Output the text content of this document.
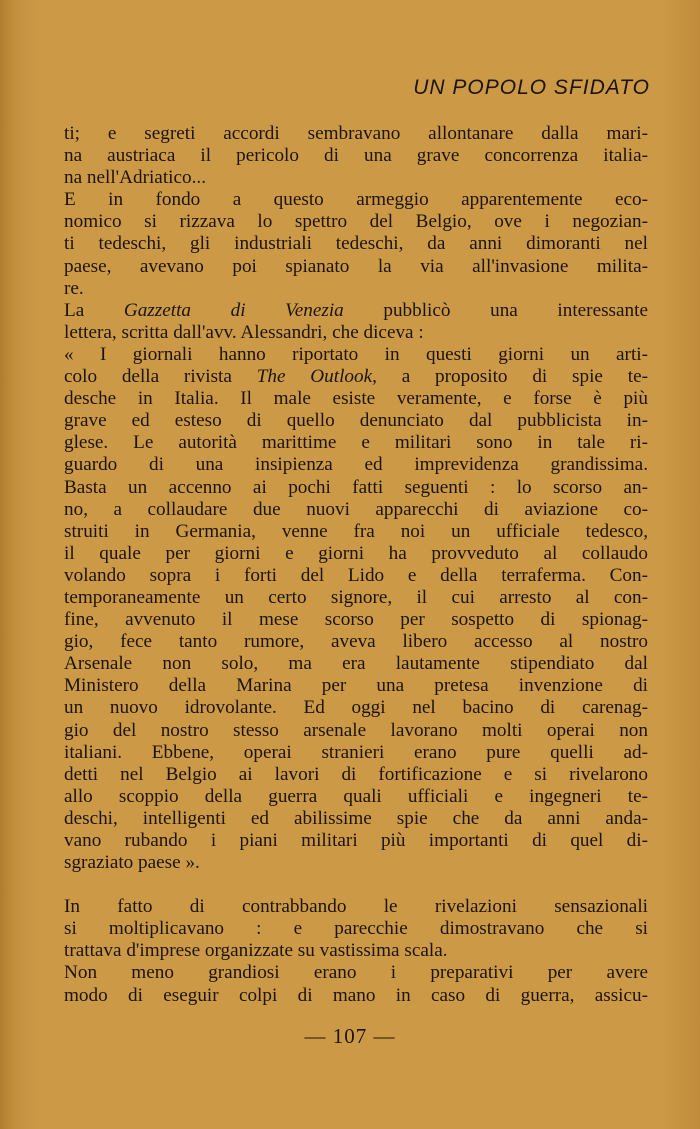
UN POPOLO SFIDATO
ti; e segreti accordi sembravano allontanare dalla mari-
na austriaca il pericolo di una grave concorrenza italia-
na nell'Adriatico...
E in fondo a questo armeggio apparentemente eco-
nomico si rizzava lo spettro del Belgio, ove i negozian-
ti tedeschi, gli industriali tedeschi, da anni dimoranti nel
paese, avevano poi spianato la via all'invasione milita-
re.
La Gazzetta di Venezia pubblicò una interessante
lettera, scritta dall'avv. Alessandri, che diceva :
« I giornali hanno riportato in questi giorni un arti-
colo della rivista The Outlook, a proposito di spie te-
desche in Italia. Il male esiste veramente, e forse è più
grave ed esteso di quello denunciato dal pubblicista in-
glese. Le autorità marittime e militari sono in tale ri-
guardo di una insipienza ed imprevidenza grandissima.
Basta un accenno ai pochi fatti seguenti : lo scorso an-
no, a collaudare due nuovi apparecchi di aviazione co-
struiti in Germania, venne fra noi un ufficiale tedesco,
il quale per giorni e giorni ha provveduto al collaudo
volando sopra i forti del Lido e della terraferma. Con-
temporaneamente un certo signore, il cui arresto al con-
fine, avvenuto il mese scorso per sospetto di spionag-
gio, fece tanto rumore, aveva libero accesso al nostro
Arsenale non solo, ma era lautamente stipendiato dal
Ministero della Marina per una pretesa invenzione di
un nuovo idrovolante. Ed oggi nel bacino di carenag-
gio del nostro stesso arsenale lavorano molti operai non
italiani. Ebbene, operai stranieri erano pure quelli ad-
detti nel Belgio ai lavori di fortificazione e si rivelarono
allo scoppio della guerra quali ufficiali e ingegneri te-
deschi, intelligenti ed abilissime spie che da anni anda-
vano rubando i piani militari più importanti di quel di-
sgraziato paese ».
In fatto di contrabbando le rivelazioni sensazionali
si moltiplicavano : e parecchie dimostravano che si
trattava d'imprese organizzate su vastissima scala.
Non meno grandiosi erano i preparativi per avere
modo di eseguir colpi di mano in caso di guerra, assicu-
— 107 —
